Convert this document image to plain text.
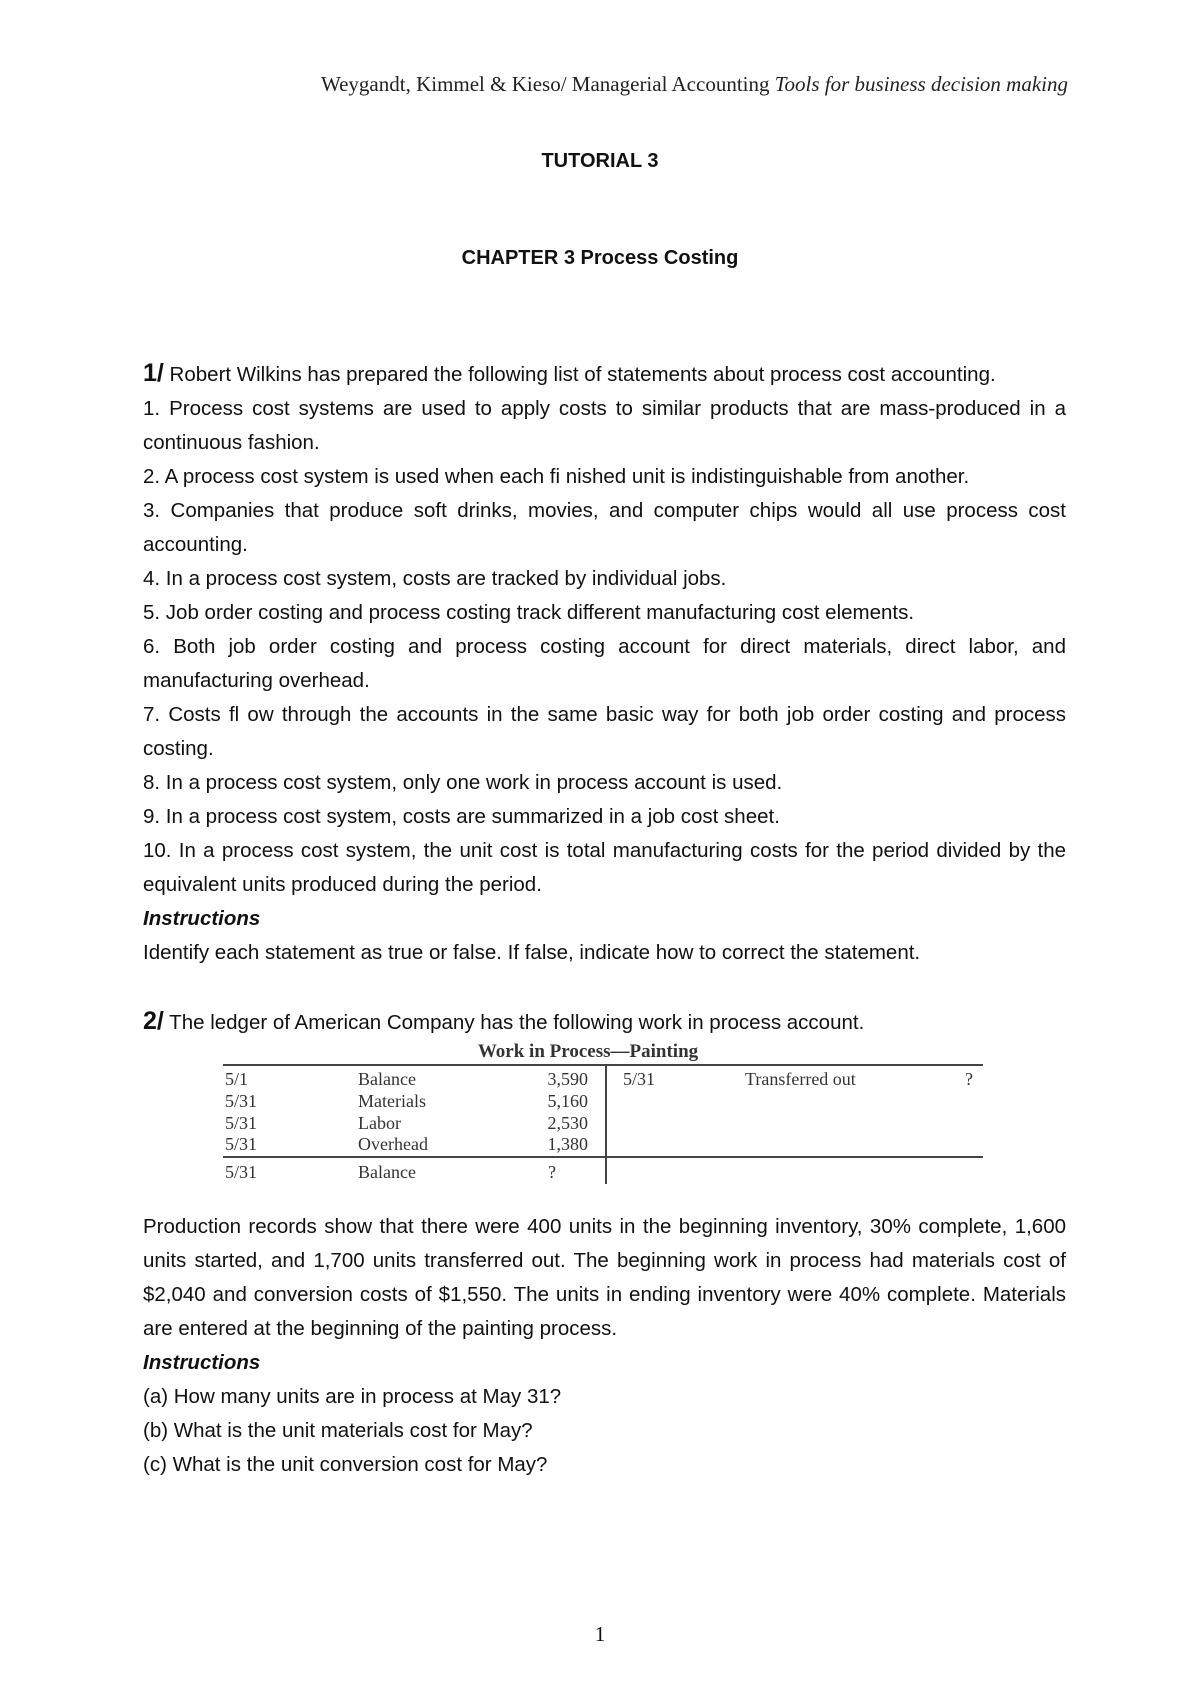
Weygandt, Kimmel & Kieso/ Managerial Accounting Tools for business decision making
TUTORIAL 3
CHAPTER 3 Process Costing

1/ Robert Wilkins has prepared the following list of statements about process cost accounting.

1. Process cost systems are used to apply costs to similar products that are mass-produced in a continuous fashion.

2. A process cost system is used when each fi nished unit is indistinguishable from another.

3. Companies that produce soft drinks, movies, and computer chips would all use process cost accounting.

4. In a process cost system, costs are tracked by individual jobs.

5. Job order costing and process costing track different manufacturing cost elements.

6. Both job order costing and process costing account for direct materials, direct labor, and manufacturing overhead.

7. Costs fl ow through the accounts in the same basic way for both job order costing and process costing.

8. In a process cost system, only one work in process account is used.

9. In a process cost system, costs are summarized in a job cost sheet.

10. In a process cost system, the unit cost is total manufacturing costs for the period divided by the equivalent units produced during the period.

Instructions

Identify each statement as true or false. If false, indicate how to correct the statement.

2/ The ledger of American Company has the following work in process account.

Work in Process—Painting
5/1	Balance	3,590 5/31	Transferred out	?
5/31	Materials	5,160
5/31	Labor	2,530
5/31	Overhead	1,380
5/31	Balance	?

Production records show that there were 400 units in the beginning inventory, 30% complete, 1,600 units started, and 1,700 units transferred out. The beginning work in process had materials cost of $2,040 and conversion costs of $1,550. The units in ending inventory were 40% complete. Materials are entered at the beginning of the painting process.

Instructions

(a) How many units are in process at May 31?

(b) What is the unit materials cost for May?

(c) What is the unit conversion cost for May?

1
